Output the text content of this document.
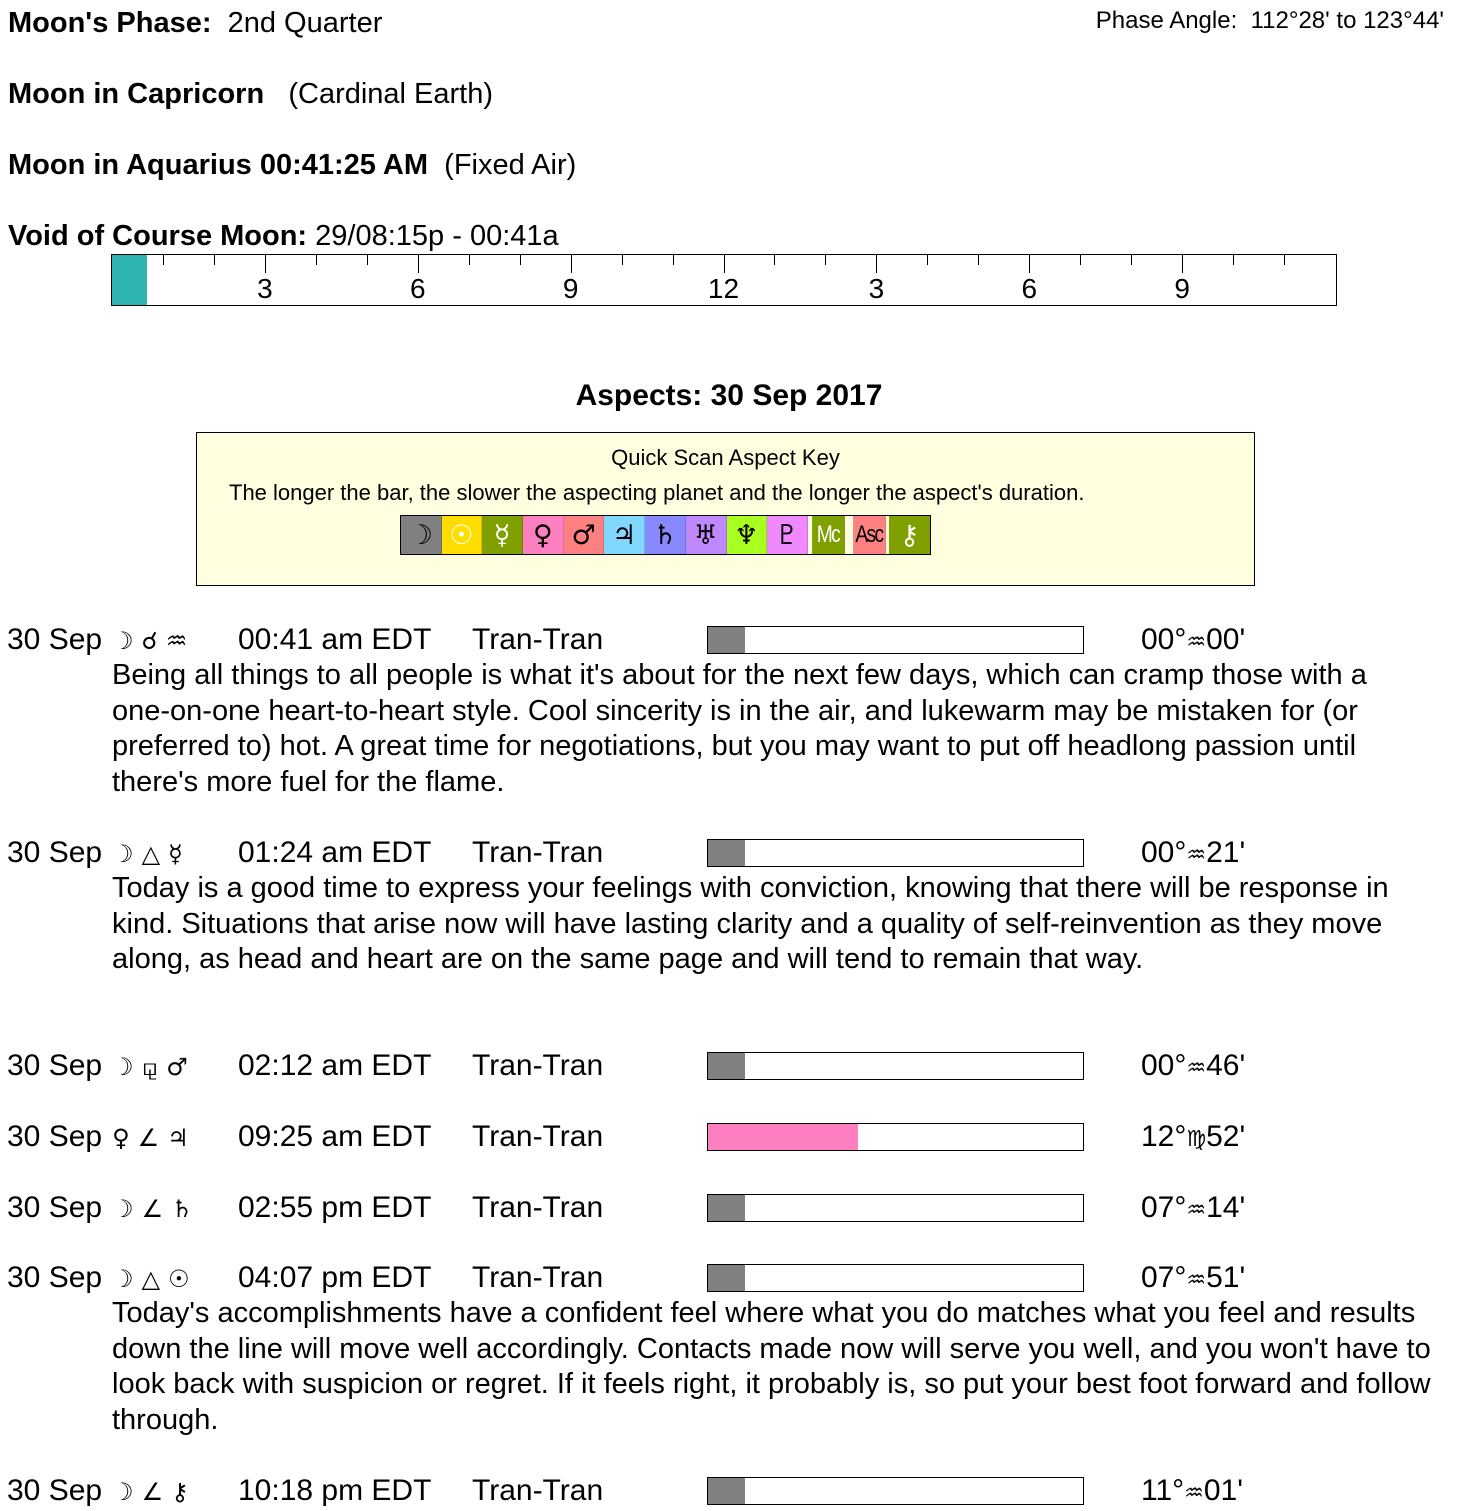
Moon's Phase: 2nd Quarter	Phase Angle: 112°28' to 123°44'
Moon in Capricorn (Cardinal Earth)
Moon in Aquarius 00:41:25 AM (Fixed Air)
Void of Course Moon: 29/08:15p - 00:41a
3	6	9	12	3	6	9
Aspects: 30 Sep 2017
Quick Scan Aspect Key
The longer the bar, the slower the aspecting planet and the longer the aspect's duration.
☽ ☉ ☿ ♀ ♂ ♃ ♄ ♅ ♆ ♇ Mc Asc ⚷
30 Sep ☽ ☌ ♒ 00:41 am EDT Tran-Tran	00°♒00'
Being all things to all people is what it's about for the next few days, which can cramp those with a one-on-one heart-to-heart style. Cool sincerity is in the air, and lukewarm may be mistaken for (or preferred to) hot. A great time for negotiations, but you may want to put off headlong passion until there's more fuel for the flame.
30 Sep ☽ △ ☿ 01:24 am EDT Tran-Tran	00°♒21'
Today is a good time to express your feelings with conviction, knowing that there will be response in kind. Situations that arise now will have lasting clarity and a quality of self-reinvention as they move along, as head and heart are on the same page and will tend to remain that way.
30 Sep ☽ ⚼ ♂ 02:12 am EDT Tran-Tran	00°♒46'
30 Sep ♀ ∠ ♃ 09:25 am EDT Tran-Tran	12°♍52'
30 Sep ☽ ∠ ♄ 02:55 pm EDT Tran-Tran	07°♒14'
30 Sep ☽ △ ☉ 04:07 pm EDT Tran-Tran	07°♒51'
Today's accomplishments have a confident feel where what you do matches what you feel and results down the line will move well accordingly. Contacts made now will serve you well, and you won't have to look back with suspicion or regret. If it feels right, it probably is, so put your best foot forward and follow through.
30 Sep ☽ ∠ ⚷ 10:18 pm EDT Tran-Tran	11°♒01'
